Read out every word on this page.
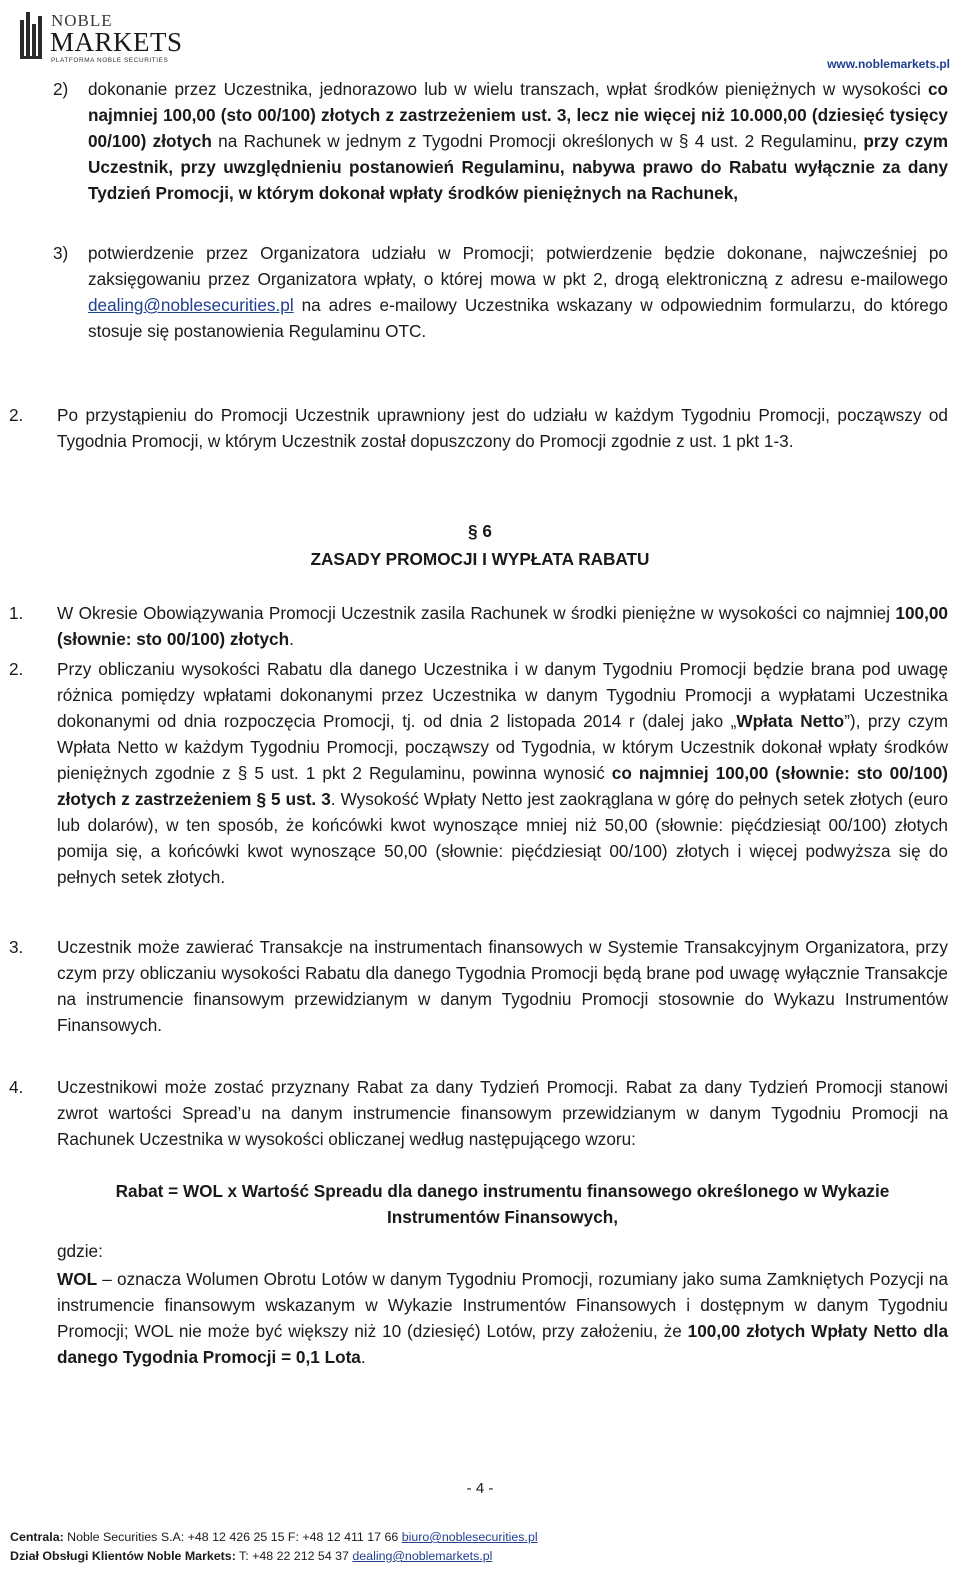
NOBLE
MARKETS
PLATFORMA NOBLE SECURITIES	www.noblemarkets.pl
2) dokonanie przez Uczestnika, jednorazowo lub w wielu transzach, wpłat środków pieniężnych w wysokości co najmniej 100,00 (sto 00/100) złotych z zastrzeżeniem ust. 3, lecz nie więcej niż 10.000,00 (dziesięć tysięcy 00/100) złotych na Rachunek w jednym z Tygodni Promocji określonych w § 4 ust. 2 Regulaminu, przy czym Uczestnik, przy uwzględnieniu postanowień Regulaminu, nabywa prawo do Rabatu wyłącznie za dany Tydzień Promocji, w którym dokonał wpłaty środków pieniężnych na Rachunek,
3) potwierdzenie przez Organizatora udziału w Promocji; potwierdzenie będzie dokonane, najwcześniej po zaksięgowaniu przez Organizatora wpłaty, o której mowa w pkt 2, drogą elektroniczną z adresu e-mailowego dealing@noblesecurities.pl na adres e-mailowy Uczestnika wskazany w odpowiednim formularzu, do którego stosuje się postanowienia Regulaminu OTC.
2. Po przystąpieniu do Promocji Uczestnik uprawniony jest do udziału w każdym Tygodniu Promocji, począwszy od Tygodnia Promocji, w którym Uczestnik został dopuszczony do Promocji zgodnie z ust. 1 pkt 1-3.
§ 6
ZASADY PROMOCJI I WYPŁATA RABATU
1. W Okresie Obowiązywania Promocji Uczestnik zasila Rachunek w środki pieniężne w wysokości co najmniej 100,00 (słownie: sto 00/100) złotych.
2. Przy obliczaniu wysokości Rabatu dla danego Uczestnika i w danym Tygodniu Promocji będzie brana pod uwagę różnica pomiędzy wpłatami dokonanymi przez Uczestnika w danym Tygodniu Promocji a wypłatami Uczestnika dokonanymi od dnia rozpoczęcia Promocji, tj. od dnia 2 listopada 2014 r (dalej jako „Wpłata Netto”), przy czym Wpłata Netto w każdym Tygodniu Promocji, począwszy od Tygodnia, w którym Uczestnik dokonał wpłaty środków pieniężnych zgodnie z § 5 ust. 1 pkt 2 Regulaminu, powinna wynosić co najmniej 100,00 (słownie: sto 00/100) złotych z zastrzeżeniem § 5 ust. 3. Wysokość Wpłaty Netto jest zaokrąglana w górę do pełnych setek złotych (euro lub dolarów), w ten sposób, że końcówki kwot wynoszące mniej niż 50,00 (słownie: pięćdziesiąt 00/100) złotych pomija się, a końcówki kwot wynoszące 50,00 (słownie: pięćdziesiąt 00/100) złotych i więcej podwyższa się do pełnych setek złotych.
3. Uczestnik może zawierać Transakcje na instrumentach finansowych w Systemie Transakcyjnym Organizatora, przy czym przy obliczaniu wysokości Rabatu dla danego Tygodnia Promocji będą brane pod uwagę wyłącznie Transakcje na instrumencie finansowym przewidzianym w danym Tygodniu Promocji stosownie do Wykazu Instrumentów Finansowych.
4. Uczestnikowi może zostać przyznany Rabat za dany Tydzień Promocji. Rabat za dany Tydzień Promocji stanowi zwrot wartości Spread’u na danym instrumencie finansowym przewidzianym w danym Tygodniu Promocji na Rachunek Uczestnika w wysokości obliczanej według następującego wzoru:
Rabat = WOL x Wartość Spreadu dla danego instrumentu finansowego określonego w Wykazie Instrumentów Finansowych,
gdzie:
WOL – oznacza Wolumen Obrotu Lotów w danym Tygodniu Promocji, rozumiany jako suma Zamkniętych Pozycji na instrumencie finansowym wskazanym w Wykazie Instrumentów Finansowych i dostępnym w danym Tygodniu Promocji; WOL nie może być większy niż 10 (dziesięć) Lotów, przy założeniu, że 100,00 złotych Wpłaty Netto dla danego Tygodnia Promocji = 0,1 Lota.
- 4 -
Centrala: Noble Securities S.A: +48 12 426 25 15 F: +48 12 411 17 66 biuro@noblesecurities.pl
Dział Obsługi Klientów Noble Markets: T: +48 22 212 54 37 dealing@noblemarkets.pl
